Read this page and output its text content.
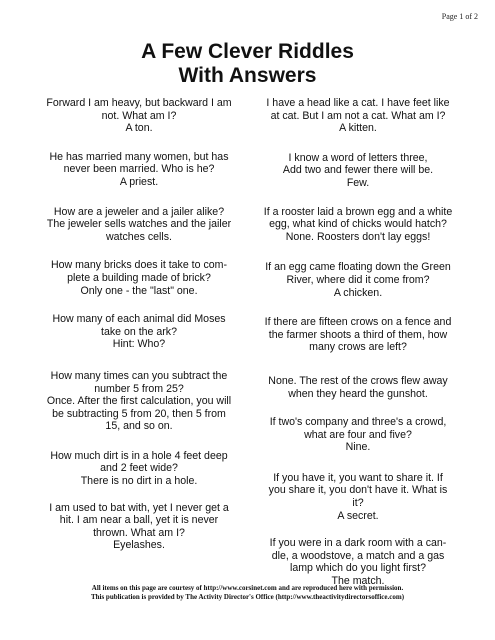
Page 1 of 2
A Few Clever Riddles
With Answers

Forward I am heavy, but backward I am
not. What am I?
A ton.

He has married many women, but has
never been married. Who is he?
A priest.

How are a jeweler and a jailer alike?
The jeweler sells watches and the jailer
watches cells.

How many bricks does it take to com-
plete a building made of brick?
Only one - the "last" one.

How many of each animal did Moses
take on the ark?
Hint: Who?

How many times can you subtract the
number 5 from 25?
Once. After the first calculation, you will
be subtracting 5 from 20, then 5 from
15, and so on.

How much dirt is in a hole 4 feet deep
and 2 feet wide?
There is no dirt in a hole.

I am used to bat with, yet I never get a
hit. I am near a ball, yet it is never
thrown. What am I?
Eyelashes.

I have a head like a cat. I have feet like
at cat. But I am not a cat. What am I?
A kitten.

I know a word of letters three,
Add two and fewer there will be.
Few.

If a rooster laid a brown egg and a white
egg, what kind of chicks would hatch?
None. Roosters don't lay eggs!

If an egg came floating down the Green
River, where did it come from?
A chicken.

If there are fifteen crows on a fence and
the farmer shoots a third of them, how
many crows are left?

None. The rest of the crows flew away
when they heard the gunshot.

If two's company and three's a crowd,
what are four and five?
Nine.

If you have it, you want to share it. If
you share it, you don't have it. What is
it?
A secret.

If you were in a dark room with a can-
dle, a woodstove, a match and a gas
lamp which do you light first?
The match.

All items on this page are courtesy of http://www.corsinet.com and are reproduced here with permission.
This publication is provided by The Activity Director's Office (http://www.theactivitydirectorsoffice.com)
